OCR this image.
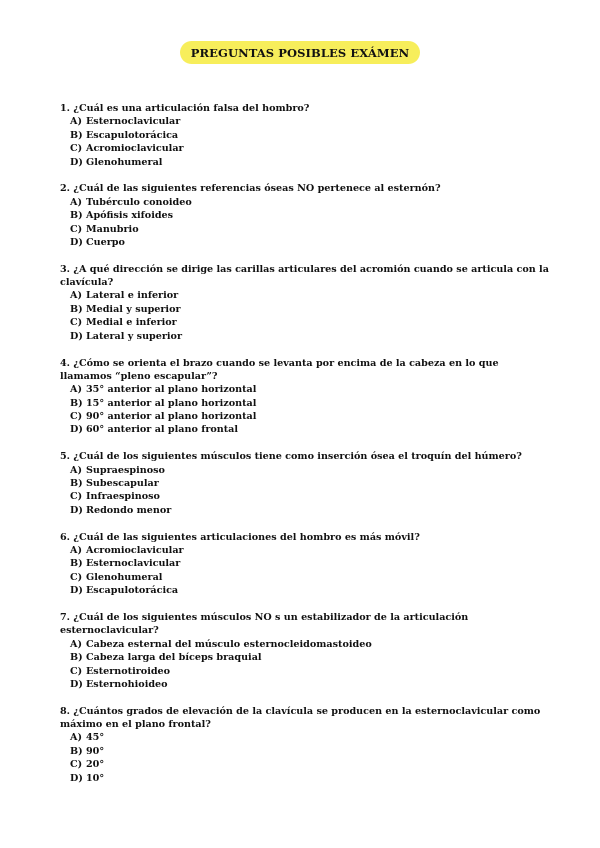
PREGUNTAS POSIBLES EXÁMEN

1. ¿Cuál es una articulación falsa del hombro?

A) Esternoclavicular
B) Escapulotorácica
C) Acromioclavicular
D) Glenohumeral

2. ¿Cuál de las siguientes referencias óseas NO pertenece al esternón?

A) Tubérculo conoideo
B) Apófisis xifoides
C) Manubrio
D) Cuerpo

3. ¿A qué dirección se dirige las carillas articulares del acromión cuando se articula con la clavícula?

A) Lateral e inferior
B) Medial y superior
C) Medial e inferior
D) Lateral y superior

4. ¿Cómo se orienta el brazo cuando se levanta por encima de la cabeza en lo que llamamos “pleno escapular”?

A) 35° anterior al plano horizontal
B) 15° anterior al plano horizontal
C) 90° anterior al plano horizontal
D) 60° anterior al plano frontal

5. ¿Cuál de los siguientes músculos tiene como inserción ósea el troquín del húmero?

A) Supraespinoso
B) Subescapular
C) Infraespinoso
D) Redondo menor

6. ¿Cuál de las siguientes articulaciones del hombro es más móvil?

A) Acromioclavicular
B) Esternoclavicular
C) Glenohumeral
D) Escapulotorácica

7. ¿Cuál de los siguientes músculos NO s un estabilizador de la articulación esternoclavicular?

A) Cabeza esternal del músculo esternocleidomastoideo
B) Cabeza larga del bíceps braquial
C) Esternotiroideo
D) Esternohioideo

8. ¿Cuántos grados de elevación de la clavícula se producen en la esternoclavicular como máximo en el plano frontal?

A) 45°
B) 90°
C) 20°
D) 10°
